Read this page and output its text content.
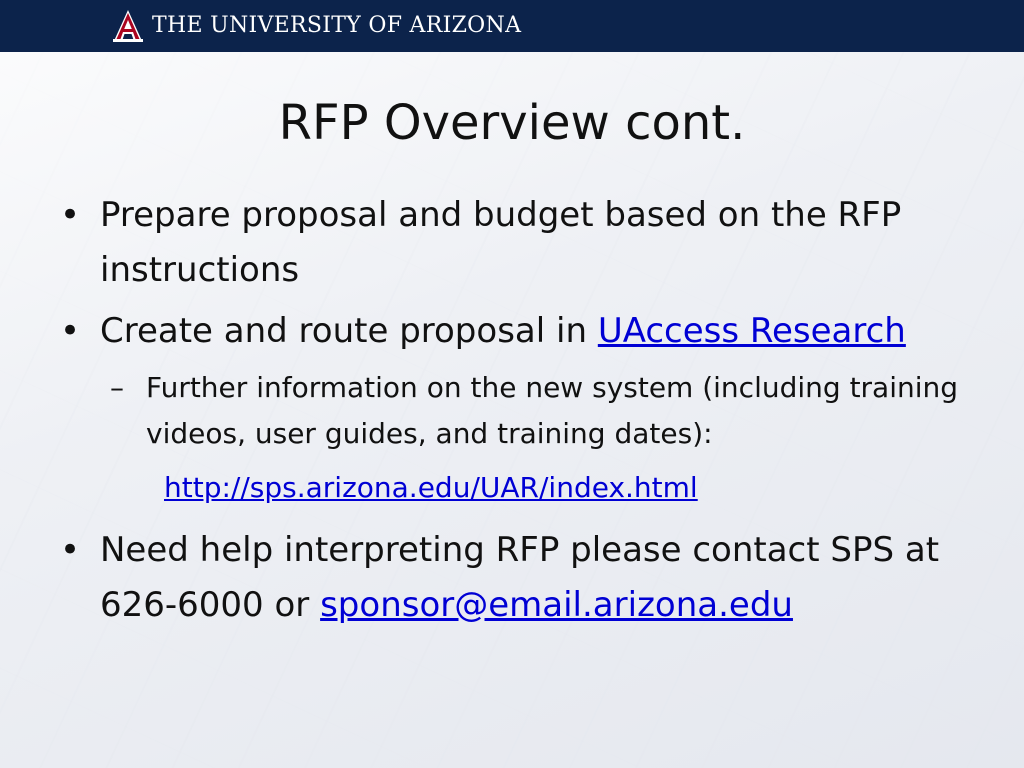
THE UNIVERSITY OF ARIZONA
RFP Overview cont.
• Prepare proposal and budget based on the RFP instructions
• Create and route proposal in UAccess Research
– Further information on the new system (including training videos, user guides, and training dates):
http://sps.arizona.edu/UAR/index.html
• Need help interpreting RFP please contact SPS at 626-6000 or sponsor@email.arizona.edu
